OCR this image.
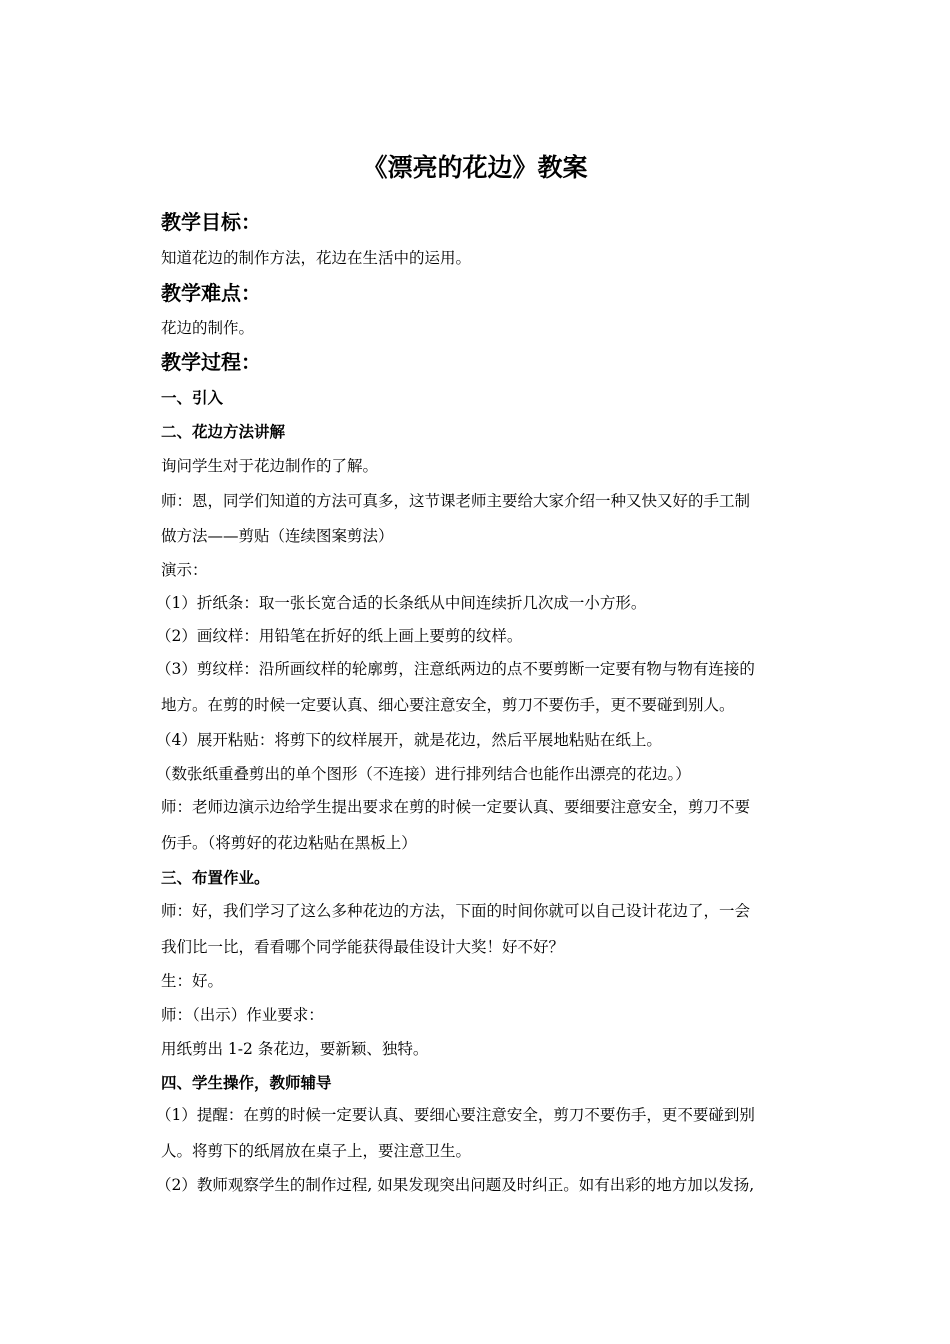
《漂亮的花边》教案
教学目标：
知道花边的制作方法，花边在生活中的运用。
教学难点：
花边的制作。
教学过程：
一、引入
二、花边方法讲解
询问学生对于花边制作的了解。
师：恩，同学们知道的方法可真多，这节课老师主要给大家介绍一种又快又好的手工制
做方法——剪贴（连续图案剪法）
演示：
（1）折纸条：取一张长宽合适的长条纸从中间连续折几次成一小方形。
（2）画纹样：用铅笔在折好的纸上画上要剪的纹样。
（3）剪纹样：沿所画纹样的轮廓剪，注意纸两边的点不要剪断一定要有物与物有连接的
地方。在剪的时候一定要认真、细心要注意安全，剪刀不要伤手，更不要碰到别人。
（4）展开粘贴：将剪下的纹样展开，就是花边，然后平展地粘贴在纸上。
（数张纸重叠剪出的单个图形（不连接）进行排列结合也能作出漂亮的花边。）
师：老师边演示边给学生提出要求在剪的时候一定要认真、要细要注意安全，剪刀不要
伤手。（将剪好的花边粘贴在黑板上）
三、布置作业。
师：好，我们学习了这么多种花边的方法，下面的时间你就可以自己设计花边了，一会
我们比一比，看看哪个同学能获得最佳设计大奖！好不好？
生：好。
师：（出示）作业要求：
用纸剪出 1-2 条花边，要新颖、独特。
四、学生操作，教师辅导
（1）提醒：在剪的时候一定要认真、要细心要注意安全，剪刀不要伤手，更不要碰到别
人。将剪下的纸屑放在桌子上，要注意卫生。
（2）教师观察学生的制作过程, 如果发现突出问题及时纠正。如有出彩的地方加以发扬,
